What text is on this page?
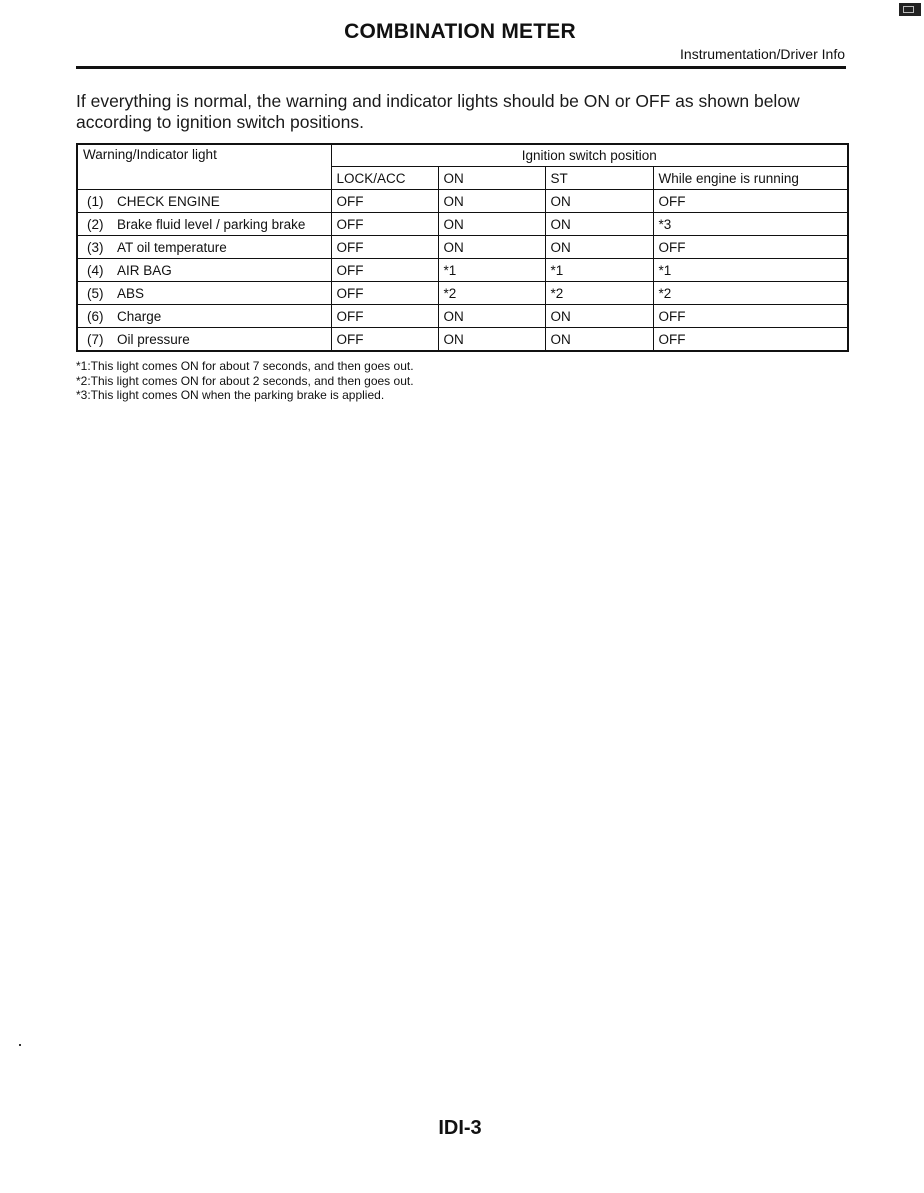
COMBINATION METER
Instrumentation/Driver Info
If everything is normal, the warning and indicator lights should be ON or OFF as shown below according to ignition switch positions.
Warning/Indicator light	Ignition switch position			
	LOCK/ACC	ON	ST	While engine is running
(1) CHECK ENGINE	OFF	ON	ON	OFF
(2) Brake fluid level / parking brake	OFF	ON	ON	*3
(3) AT oil temperature	OFF	ON	ON	OFF
(4) AIR BAG	OFF	*1	*1	*1
(5) ABS	OFF	*2	*2	*2
(6) Charge	OFF	ON	ON	OFF
(7) Oil pressure	OFF	ON	ON	OFF
*1:This light comes ON for about 7 seconds, and then goes out.
*2:This light comes ON for about 2 seconds, and then goes out.
*3:This light comes ON when the parking brake is applied.
IDI-3
